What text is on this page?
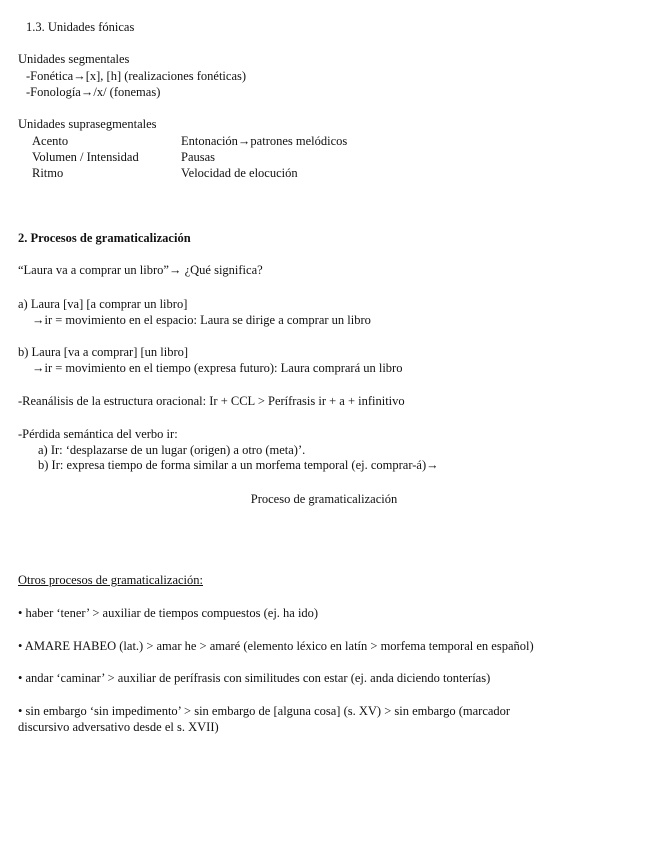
1.3. Unidades fónicas
Unidades segmentales
-Fonética→[x], [h] (realizaciones fonéticas)
-Fonología→/x/ (fonemas)
Unidades suprasegmentales
Acento	Entonación→patrones melódicos
Volumen / Intensidad	Pausas
Ritmo	Velocidad de elocución
2. Procesos de gramaticalización
“Laura va a comprar un libro”→ ¿Qué significa?
a) Laura [va] [a comprar un libro]
→ir = movimiento en el espacio: Laura se dirige a comprar un libro
b) Laura [va a comprar] [un libro]
→ir = movimiento en el tiempo (expresa futuro): Laura comprará un libro
-Reanálisis de la estructura oracional: Ir + CCL > Perífrasis ir + a + infinitivo
-Pérdida semántica del verbo ir:
a) Ir: ‘desplazarse de un lugar (origen) a otro (meta)’.
b) Ir: expresa tiempo de forma similar a un morfema temporal (ej. comprar-á)→
Proceso de gramaticalización
Otros procesos de gramaticalización:
• haber ‘tener’ > auxiliar de tiempos compuestos (ej. ha ido)
• AMARE HABEO (lat.) > amar he > amaré (elemento léxico en latín > morfema temporal en español)
• andar ‘caminar’ > auxiliar de perífrasis con similitudes con estar (ej. anda diciendo tonterías)
• sin embargo ‘sin impedimento’ > sin embargo de [alguna cosa] (s. XV) > sin embargo (marcador
discursivo adversativo desde el s. XVII)
